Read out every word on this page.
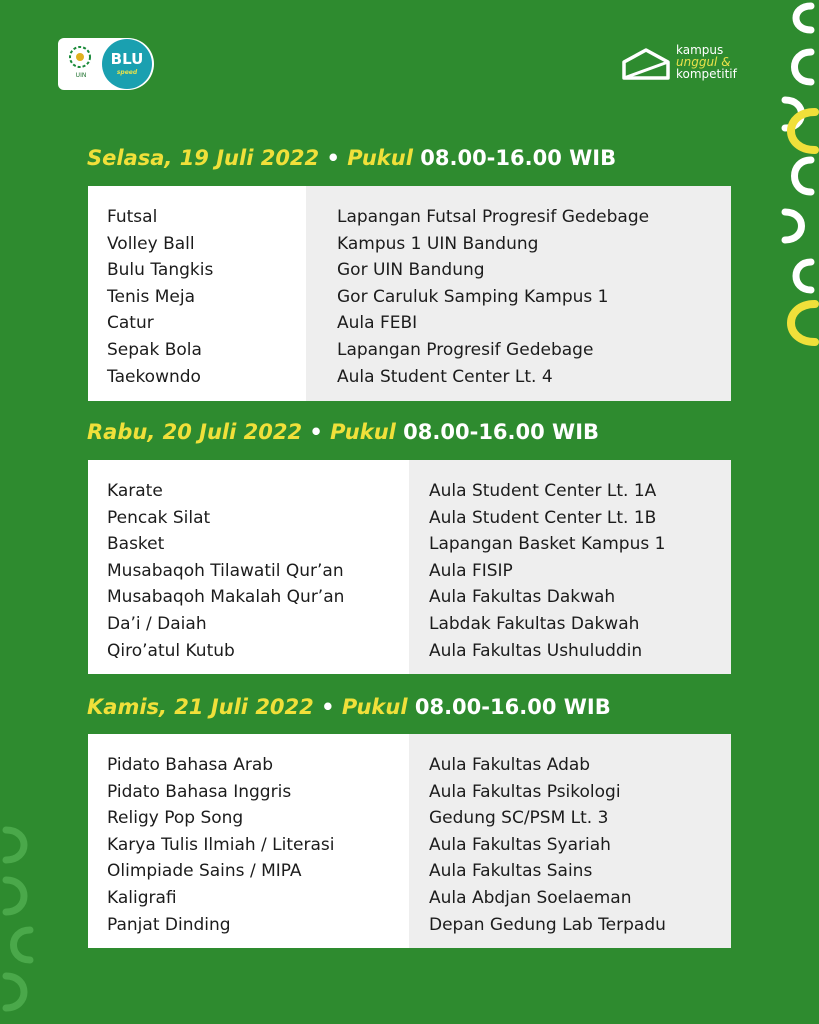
UIN
BLU
speed
kampus
unggul &
kompetitif
Selasa, 19 Juli 2022 • Pukul 08.00-16.00 WIB
Futsal
Volley Ball
Bulu Tangkis
Tenis Meja
Catur
Sepak Bola
Taekowndo
Lapangan Futsal Progresif Gedebage
Kampus 1 UIN Bandung
Gor UIN Bandung
Gor Caruluk Samping Kampus 1
Aula FEBI
Lapangan Progresif Gedebage
Aula Student Center Lt. 4
Rabu, 20 Juli 2022 • Pukul 08.00-16.00 WIB
Karate
Pencak Silat
Basket
Musabaqoh Tilawatil Qur’an
Musabaqoh Makalah Qur’an
Da’i / Daiah
Qiro’atul Kutub
Aula Student Center Lt. 1A
Aula Student Center Lt. 1B
Lapangan Basket Kampus 1
Aula FISIP
Aula Fakultas Dakwah
Labdak Fakultas Dakwah
Aula Fakultas Ushuluddin
Kamis, 21 Juli 2022 • Pukul 08.00-16.00 WIB
Pidato Bahasa Arab
Pidato Bahasa Inggris
Religy Pop Song
Karya Tulis Ilmiah / Literasi
Olimpiade Sains / MIPA
Kaligrafi
Panjat Dinding
Aula Fakultas Adab
Aula Fakultas Psikologi
Gedung SC/PSM Lt. 3
Aula Fakultas Syariah
Aula Fakultas Sains
Aula Abdjan Soelaeman
Depan Gedung Lab Terpadu
